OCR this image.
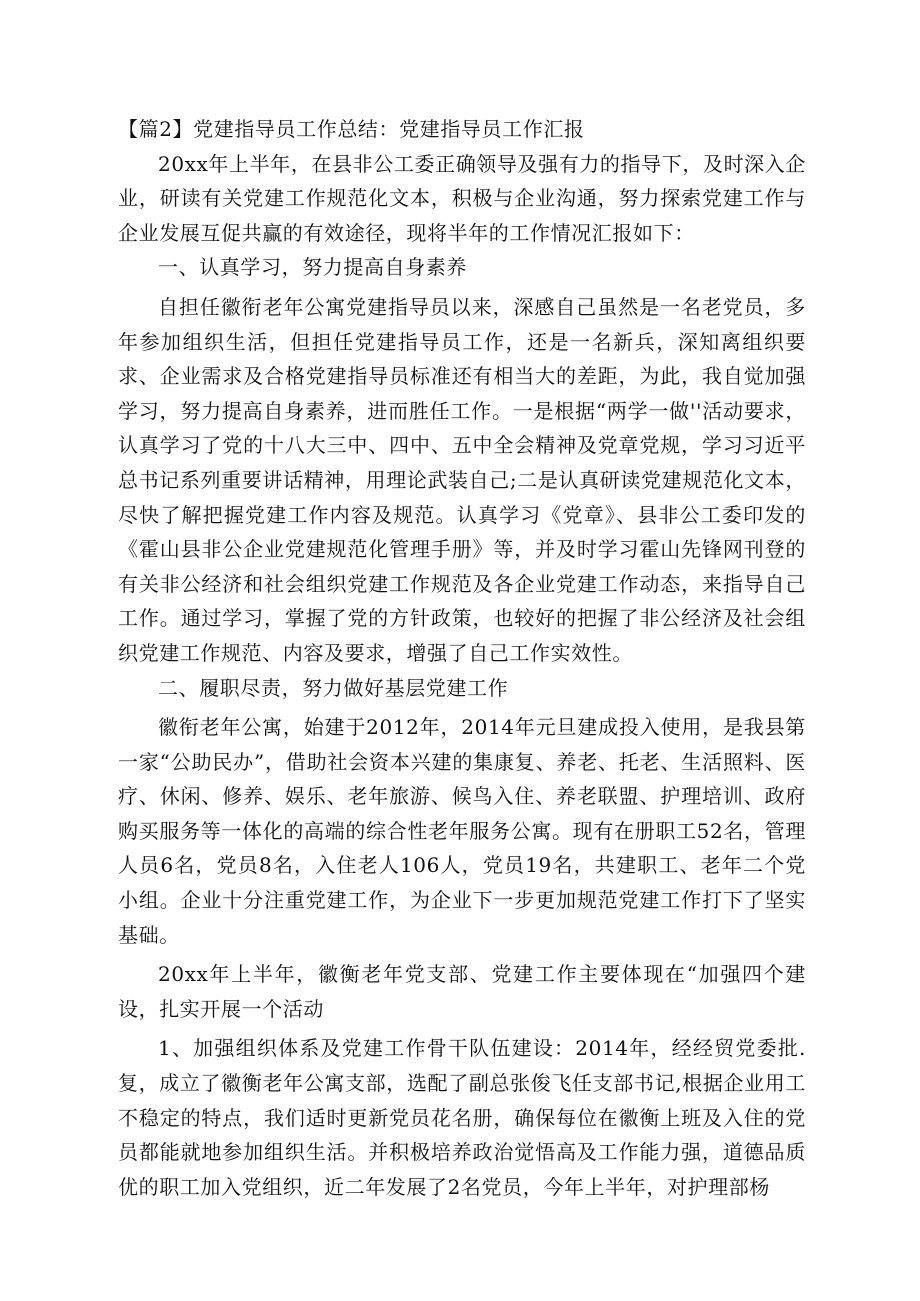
【篇2】党建指导员工作总结：党建指导员工作汇报

20xx年上半年，在县非公工委正确领导及强有力的指导下，及时深入企业，研读有关党建工作规范化文本，积极与企业沟通，努力探索党建工作与企业发展互促共赢的有效途径，现将半年的工作情况汇报如下：

一、认真学习，努力提高自身素养

自担任徽衔老年公寓党建指导员以来，深感自己虽然是一名老党员，多年参加组织生活，但担任党建指导员工作，还是一名新兵，深知离组织要求、企业需求及合格党建指导员标准还有相当大的差距，为此，我自觉加强学习，努力提高自身素养，进而胜任工作。一是根据“两学一做''活动要求，认真学习了党的十八大三中、四中、五中全会精神及党章党规，学习习近平总书记系列重要讲话精神，用理论武装自己;二是认真研读党建规范化文本，尽快了解把握党建工作内容及规范。认真学习《党章》、县非公工委印发的《霍山县非公企业党建规范化管理手册》等，并及时学习霍山先锋网刊登的有关非公经济和社会组织党建工作规范及各企业党建工作动态，来指导自己工作。通过学习，掌握了党的方针政策，也较好的把握了非公经济及社会组织党建工作规范、内容及要求，增强了自己工作实效性。

二、履职尽责，努力做好基层党建工作

徽衔老年公寓，始建于2012年，2014年元旦建成投入使用，是我县第一家“公助民办”，借助社会资本兴建的集康复、养老、托老、生活照料、医疗、休闲、修养、娱乐、老年旅游、候鸟入住、养老联盟、护理培训、政府购买服务等一体化的高端的综合性老年服务公寓。现有在册职工52名，管理人员6名，党员8名，入住老人106人，党员19名，共建职工、老年二个党小组。企业十分注重党建工作，为企业下一步更加规范党建工作打下了坚实基础。

20xx年上半年，徽衡老年党支部、党建工作主要体现在“加强四个建设，扎实开展一个活动

1、加强组织体系及党建工作骨干队伍建设：2014年，经经贸党委批.复，成立了徽衡老年公寓支部，选配了副总张俊飞任支部书记,根据企业用工不稳定的特点，我们适时更新党员花名册，确保每位在徽衡上班及入住的党员都能就地参加组织生活。并积极培养政治觉悟高及工作能力强，道德品质优的职工加入党组织，近二年发展了2名党员，今年上半年，对护理部杨
